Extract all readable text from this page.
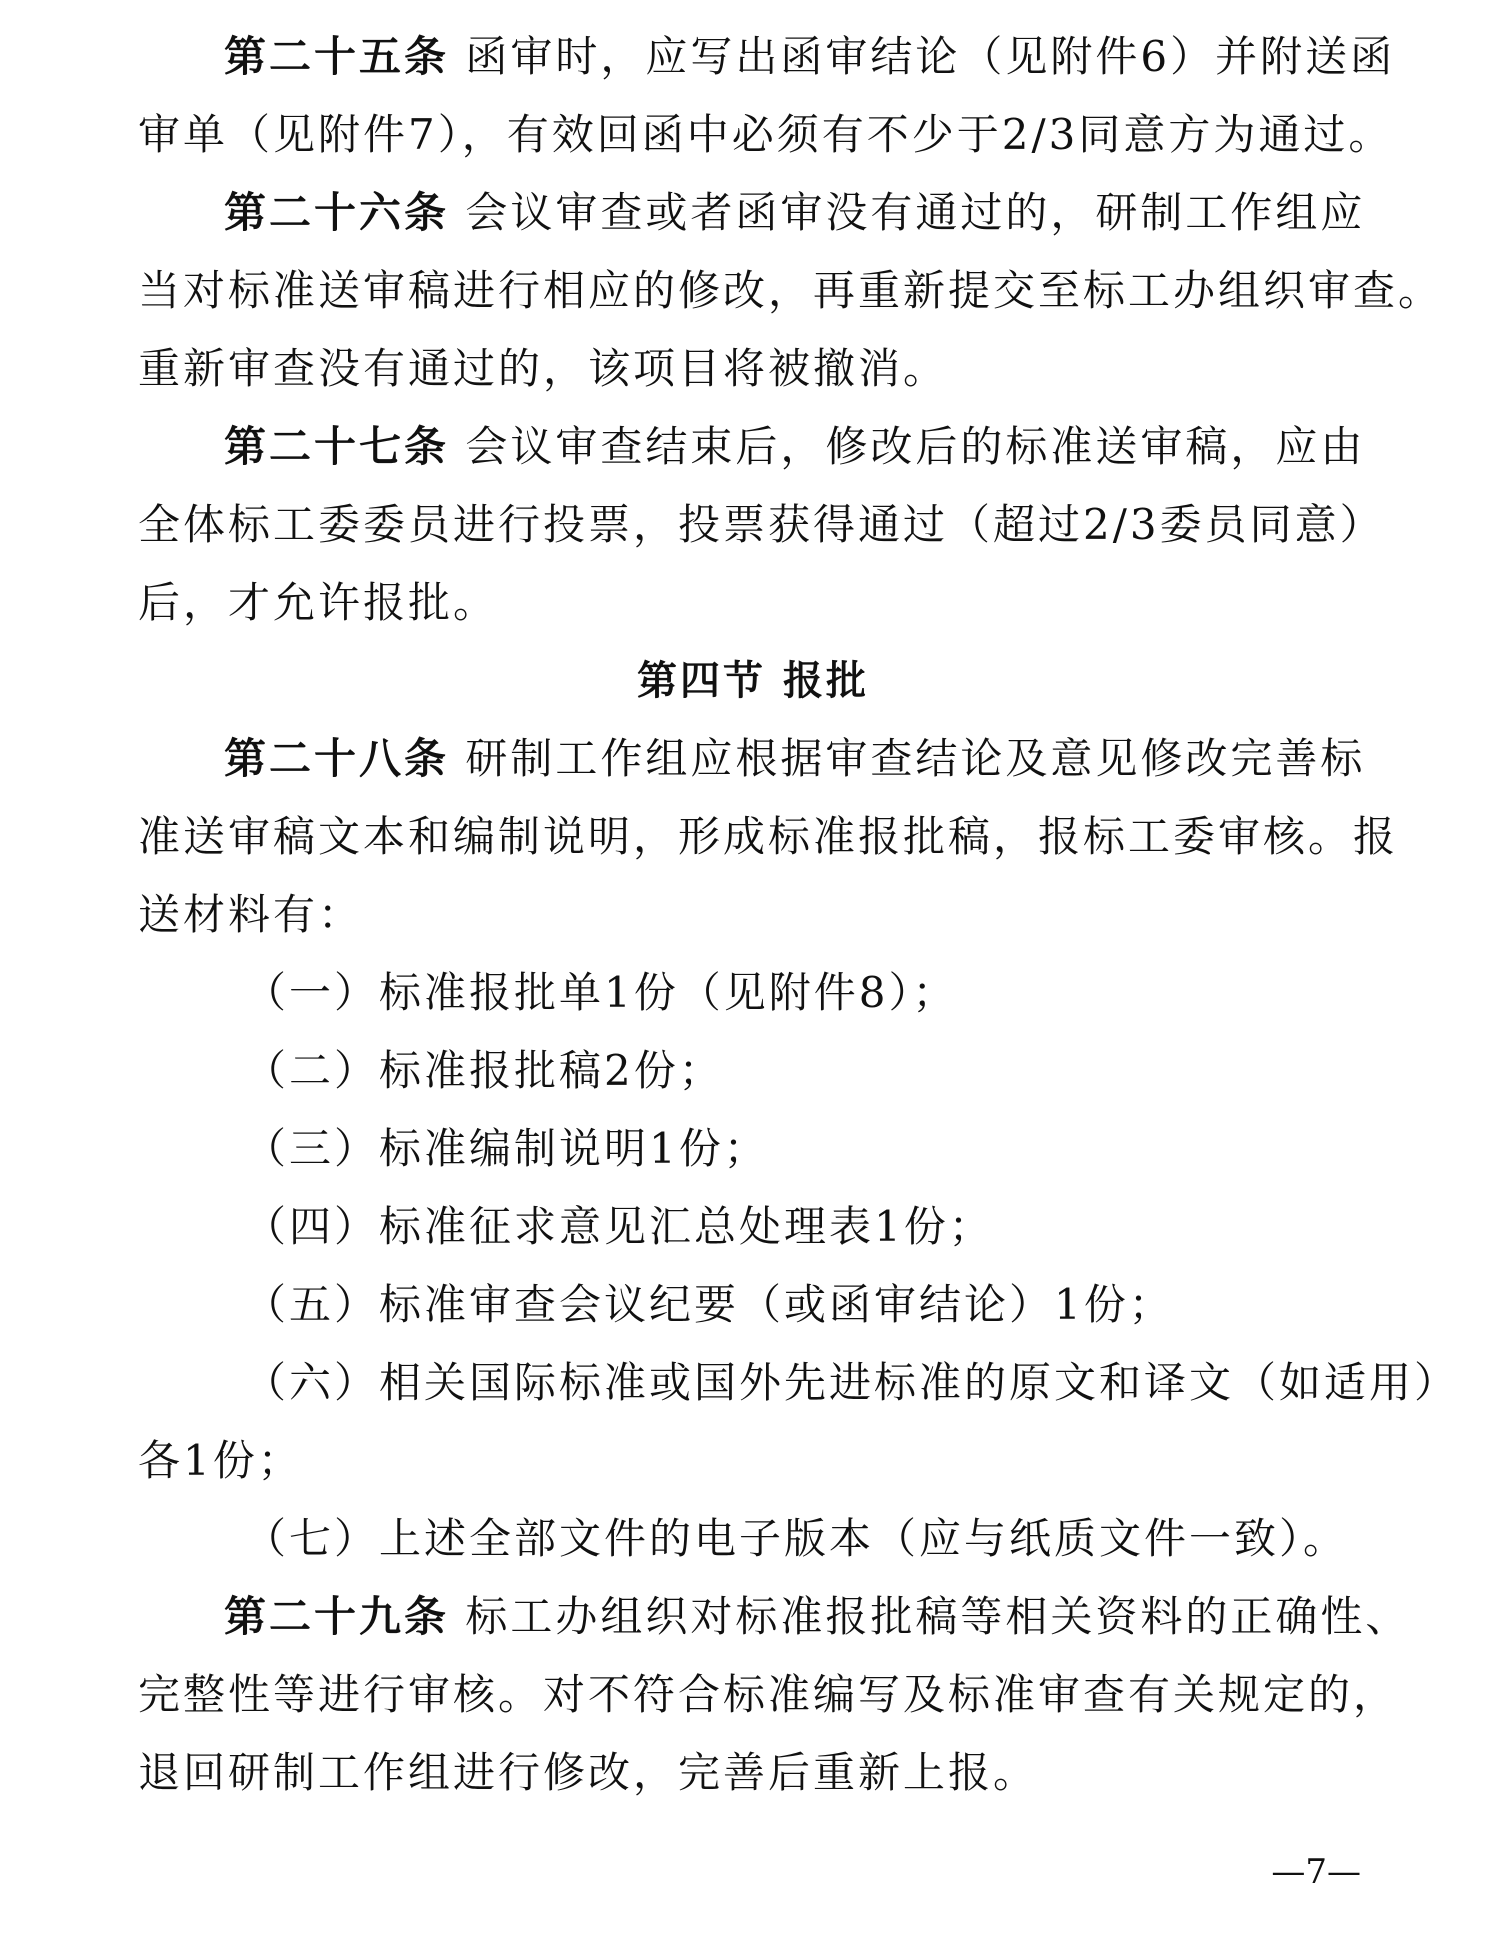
第二十五条 函审时，应写出函审结论（见附件6）并附送函

审单（见附件7），有效回函中必须有不少于2/3同意方为通过。

第二十六条 会议审查或者函审没有通过的，研制工作组应

当对标准送审稿进行相应的修改，再重新提交至标工办组织审查。

重新审查没有通过的，该项目将被撤消。

第二十七条 会议审查结束后，修改后的标准送审稿，应由

全体标工委委员进行投票，投票获得通过（超过2/3委员同意）

后，才允许报批。

第四节 报批

第二十八条 研制工作组应根据审查结论及意见修改完善标

准送审稿文本和编制说明，形成标准报批稿，报标工委审核。报

送材料有：

（一）标准报批单1份（见附件8）；

（二）标准报批稿2份；

（三）标准编制说明1份；

（四）标准征求意见汇总处理表1份；

（五）标准审查会议纪要（或函审结论）1份；

（六）相关国际标准或国外先进标准的原文和译文（如适用）

各1份；

（七）上述全部文件的电子版本（应与纸质文件一致）。

第二十九条 标工办组织对标准报批稿等相关资料的正确性、

完整性等进行审核。对不符合标准编写及标准审查有关规定的，

退回研制工作组进行修改，完善后重新上报。

—7—
